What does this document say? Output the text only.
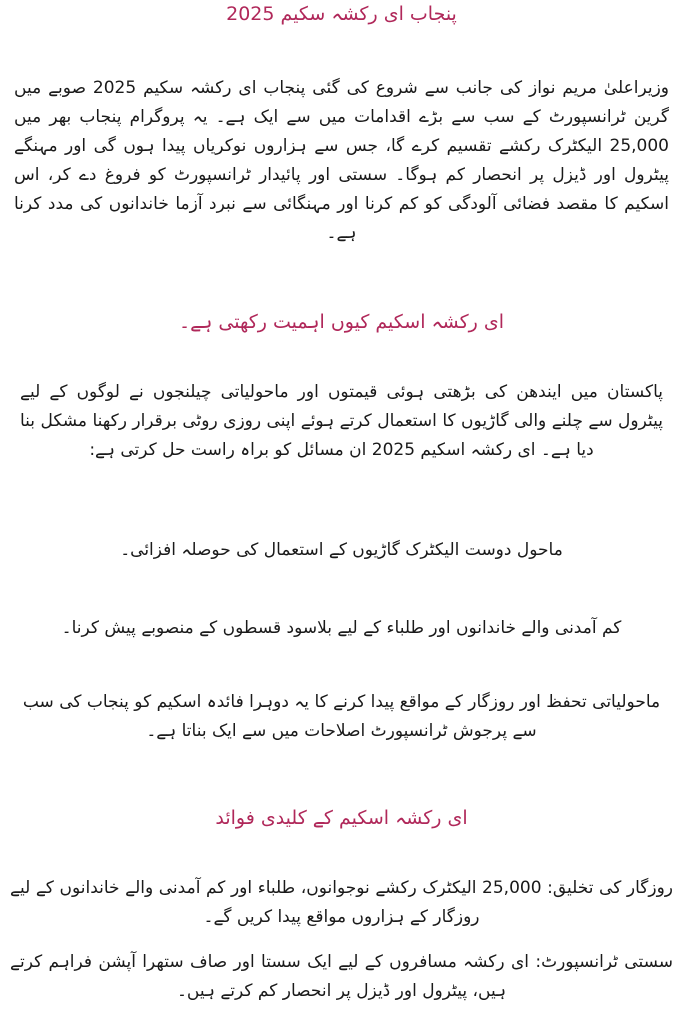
پنجاب ای رکشہ سکیم 2025

وزیراعلیٰ مریم نواز کی جانب سے شروع کی گئی پنجاب ای رکشہ سکیم 2025 صوبے میں گرین ٹرانسپورٹ کے سب سے بڑے اقدامات میں سے ایک ہے۔ یہ پروگرام پنجاب بھر میں 25,000 الیکٹرک رکشے تقسیم کرے گا، جس سے ہزاروں نوکریاں پیدا ہوں گی اور مہنگے پیٹرول اور ڈیزل پر انحصار کم ہوگا۔ سستی اور پائیدار ٹرانسپورٹ کو فروغ دے کر، اس اسکیم کا مقصد فضائی آلودگی کو کم کرنا اور مہنگائی سے نبرد آزما خاندانوں کی مدد کرنا ہے۔

ای رکشہ اسکیم کیوں اہمیت رکھتی ہے۔

پاکستان میں ایندھن کی بڑھتی ہوئی قیمتوں اور ماحولیاتی چیلنجوں نے لوگوں کے لیے پیٹرول سے چلنے والی گاڑیوں کا استعمال کرتے ہوئے اپنی روزی روٹی برقرار رکھنا مشکل بنا دیا ہے۔ ای رکشہ اسکیم 2025 ان مسائل کو براہ راست حل کرتی ہے:

ماحول دوست الیکٹرک گاڑیوں کے استعمال کی حوصلہ افزائی۔

کم آمدنی والے خاندانوں اور طلباء کے لیے بلاسود قسطوں کے منصوبے پیش کرنا۔

ماحولیاتی تحفظ اور روزگار کے مواقع پیدا کرنے کا یہ دوہرا فائدہ اسکیم کو پنجاب کی سب سے پرجوش ٹرانسپورٹ اصلاحات میں سے ایک بناتا ہے۔

ای رکشہ اسکیم کے کلیدی فوائد

روزگار کی تخلیق: 25,000 الیکٹرک رکشے نوجوانوں، طلباء اور کم آمدنی والے خاندانوں کے لیے روزگار کے ہزاروں مواقع پیدا کریں گے۔

سستی ٹرانسپورٹ: ای رکشہ مسافروں کے لیے ایک سستا اور صاف ستھرا آپشن فراہم کرتے ہیں، پیٹرول اور ڈیزل پر انحصار کم کرتے ہیں۔
